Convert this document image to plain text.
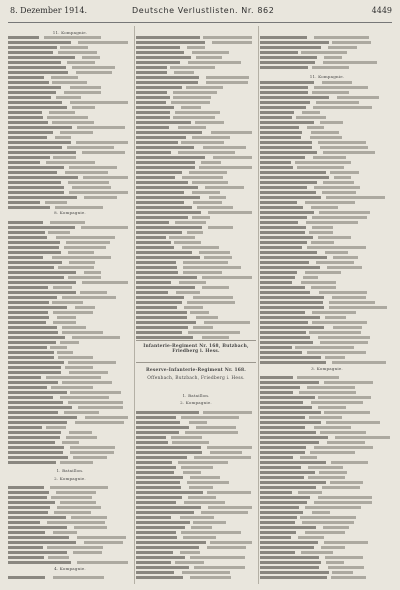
8. Dezember 1914.	Deutsche Verlustlisten. Nr. 862	4449
11. Kompagnie.
8. Kompagnie.
1. Bataillon.
2. Kompagnie.
4. Kompagnie.
Infanterie-Regiment Nr. 168, Butzbach, Friedberg i. Hess.
Reserve-Infanterie-Regiment Nr. 168.
Offenbach, Butzbach, Friedberg i. Hess.
1. Bataillon.
2. Kompagnie.
11. Kompagnie.
3. Kompagnie.
